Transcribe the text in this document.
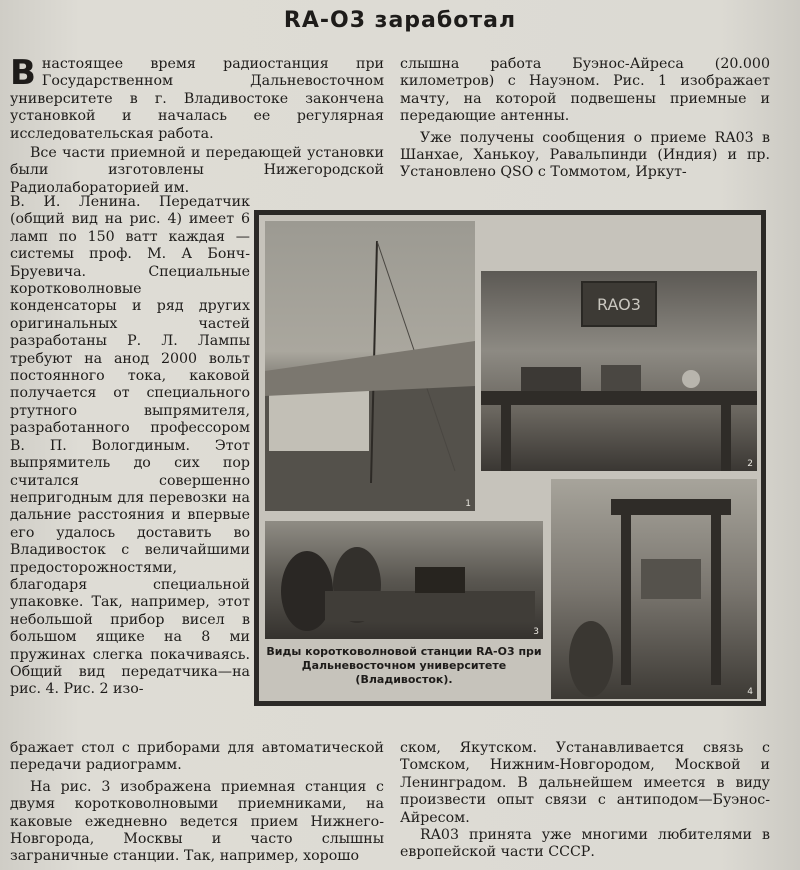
RA-O3 заработал

Внастоящее время радиостанция при Государственном Дальневосточном университете в г. Владивостоке закончена установкой и началась ее регулярная исследовательская работа.

Все части приемной и передающей установки были изготовлены Нижегородской Радиолабораторией им.

В. И. Ленина. Передатчик (общий вид на рис. 4) имеет 6 ламп по 150 ватт каждая — системы проф. М. А Бонч-Бруевича. Специальные коротковолновые конденсаторы и ряд других оригинальных частей разработаны Р. Л. Лампы требуют на анод 2000 вольт постоянного тока, каковой получается от специального ртутного выпрямителя, разработанного профессором В. П. Вологдиным. Этот выпрямитель до сих пор считался совершенно непригодным для перевозки на дальние расстояния и впервые его удалось доставить во Владивосток с величайшими предосторожностями, благодаря специальной упаковке. Так, например, этот небольшой прибор висел в большом ящике на 8 ми пружинах слегка покачиваясь. Общий вид передатчика—на рис. 4. Рис. 2 изо-

бражает стол с приборами для автоматической передачи радиограмм.

На рис. 3 изображена приемная станция с двумя коротковолновыми приемниками, на каковые ежедневно ведется прием Нижнего-Новгорода, Москвы и часто слышны заграничные станции. Так, например, хорошо

слышна работа Буэнос-Айреса (20.000 километров) с Науэном. Рис. 1 изображает мачту, на которой подвешены приемные и передающие антенны.

Уже получены сообщения о приеме RA03 в Шанхае, Ханькоу, Равальпинди (Индия) и пр. Установлено QSO с Томмотом, Иркут-

ском, Якутском. Устанавливается связь с Томском, Нижним-Новгородом, Москвой и Ленинградом. В дальнейшем имеется в виду произвести опыт связи с антиподом—Буэнос-Айресом.

RA03 принята уже многими любителями в европейской части СССР.

1
RAO3
2
3
4
Виды коротковолновой станции RA-O3 при Дальневосточном университете (Владивосток).
